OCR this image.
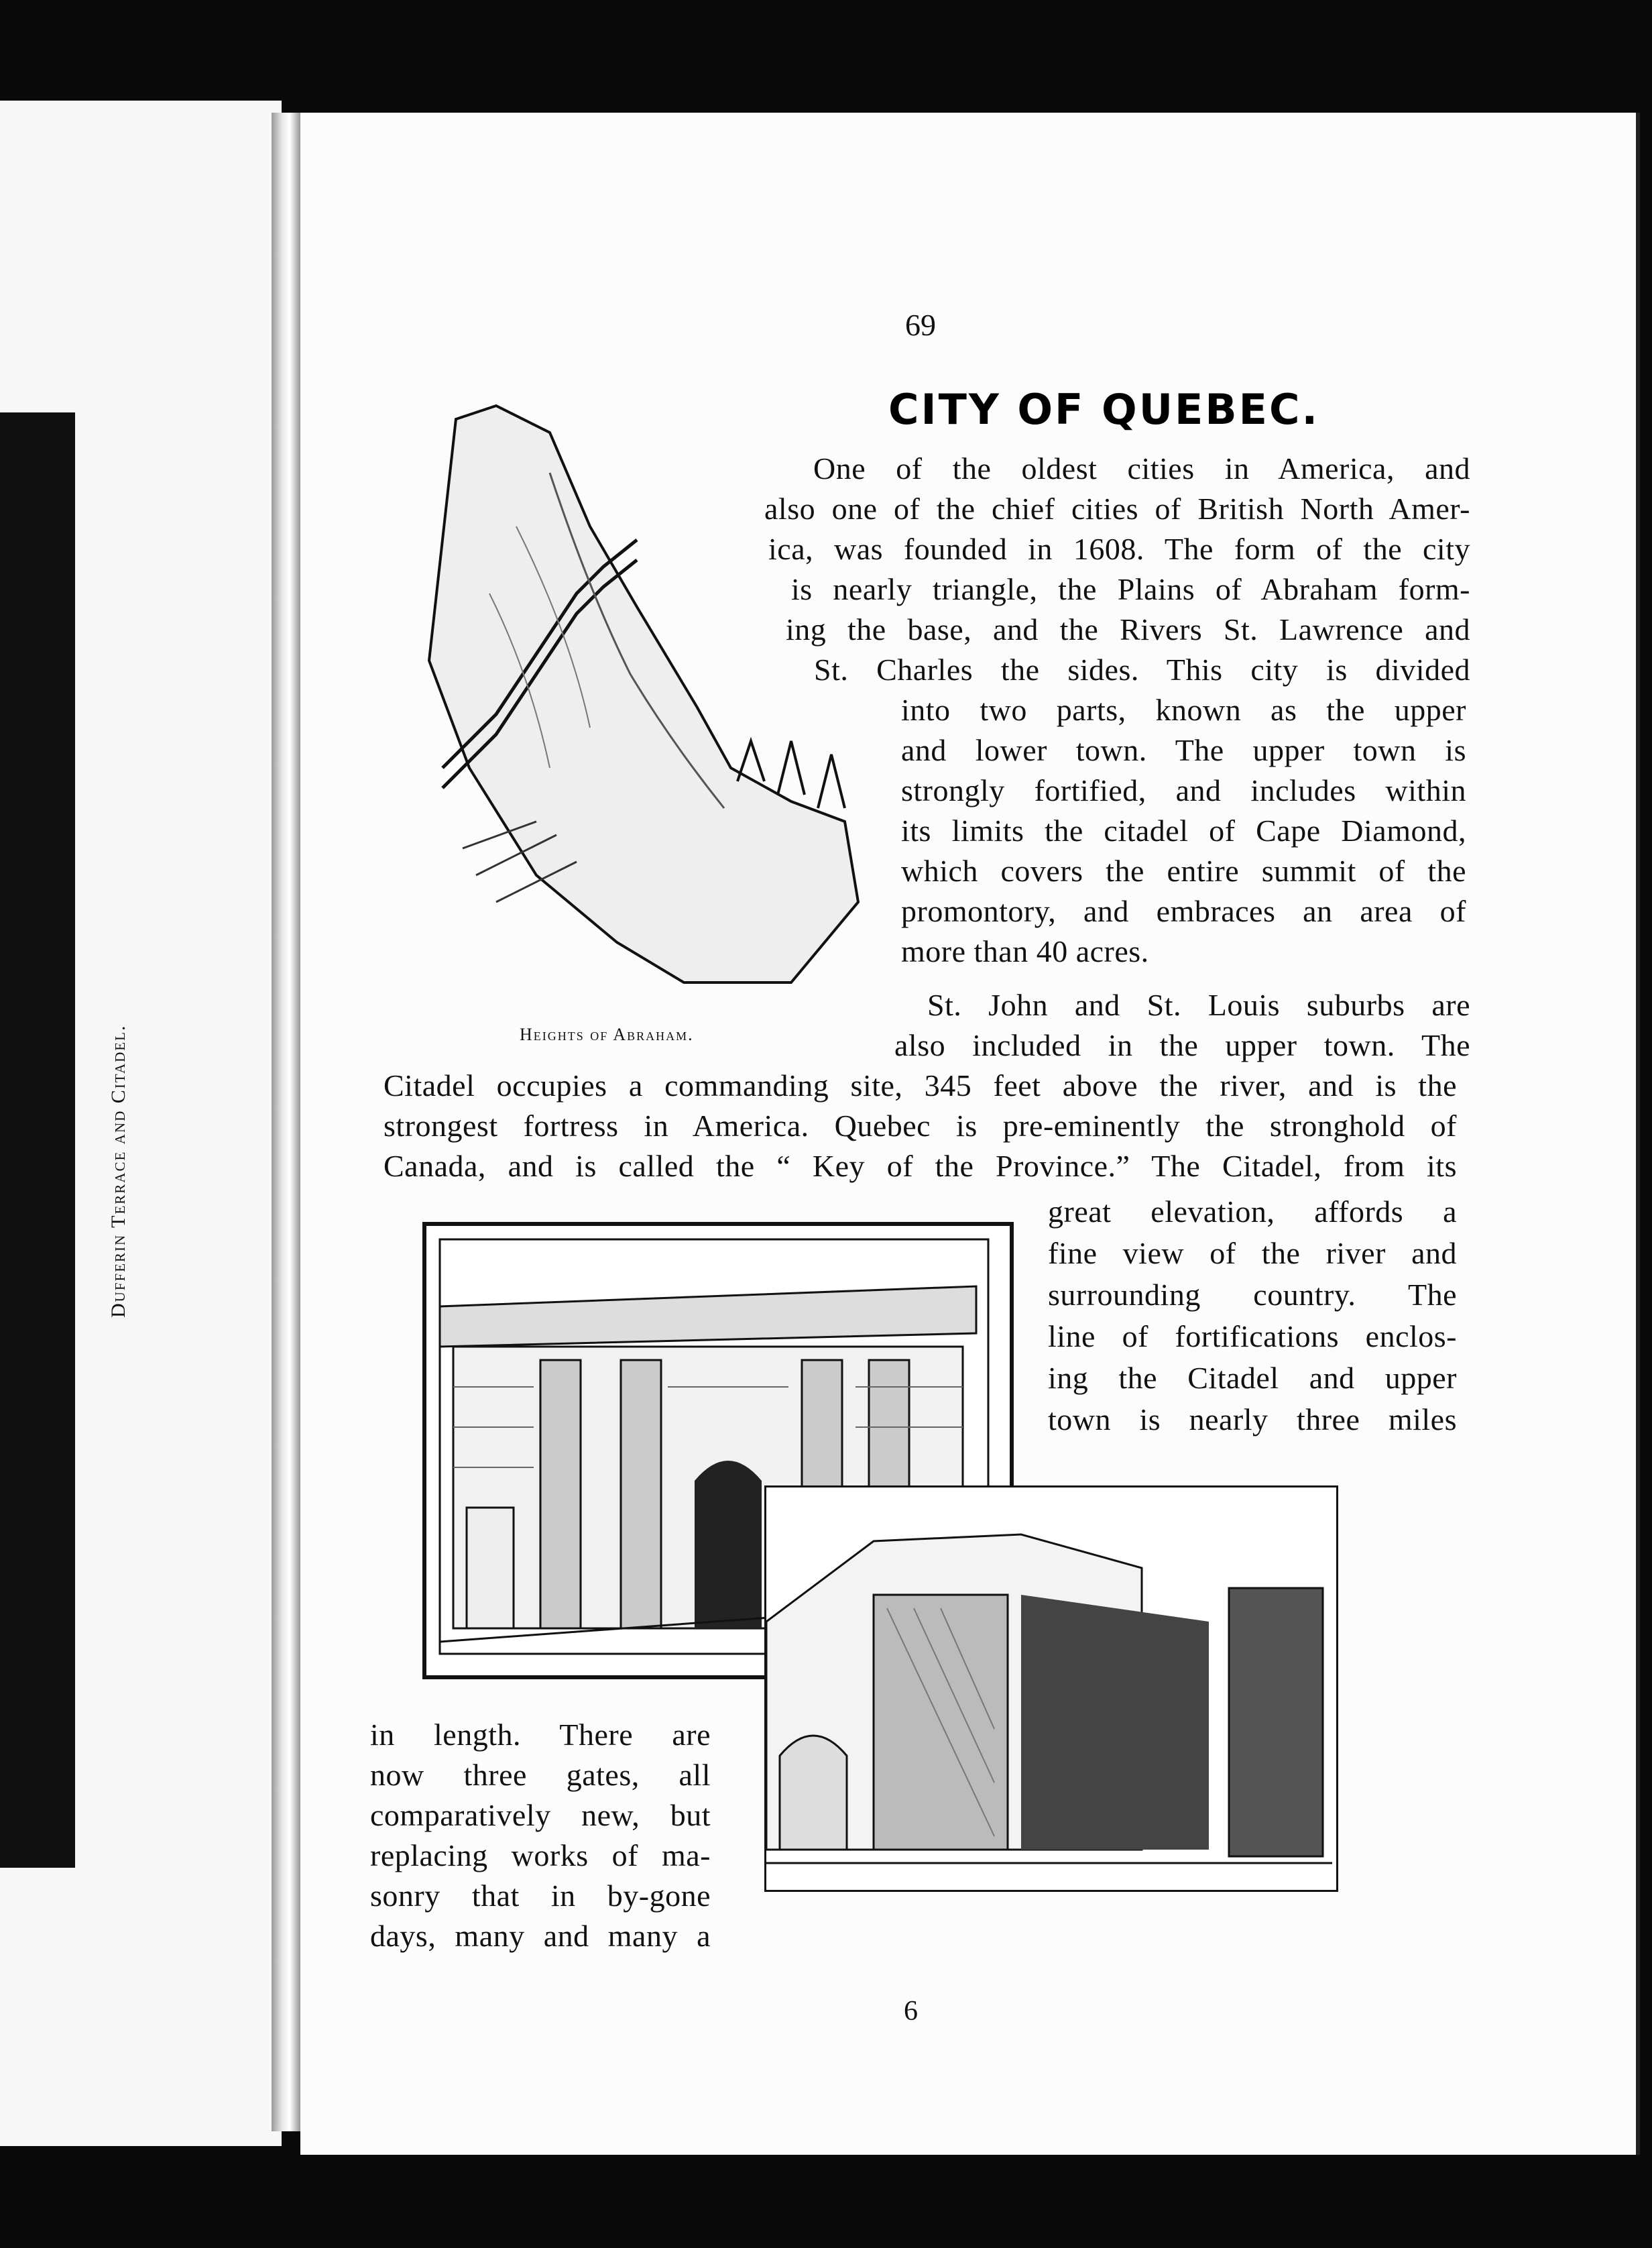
Dufferin Terrace and Citadel.
69
CITY OF QUEBEC.
Heights of Abraham.
One of the oldest cities in America, and
also one of the chief cities of British North Amer-
ica, was founded in 1608. The form of the city
is nearly triangle, the Plains of Abraham form-
ing the base, and the Rivers St. Lawrence and
St. Charles the sides. This city is divided
into two parts, known as the upper
and lower town. The upper town is
strongly fortified, and includes within
its limits the citadel of Cape Diamond,
which covers the entire summit of the
promontory, and embraces an area of
more than 40 acres.
St. John and St. Louis suburbs are
also included in the upper town. The
Citadel occupies a commanding site, 345 feet above the river, and is the
strongest fortress in America. Quebec is pre-eminently the stronghold of
Canada, and is called the “ Key of the Province.” The Citadel, from its
great elevation, affords a
fine view of the river and
surrounding country. The
line of fortifications enclos-
ing the Citadel and upper
town is nearly three miles
in length. There are
now three gates, all
comparatively new, but
replacing works of ma-
sonry that in by-gone
days, many and many a
6
